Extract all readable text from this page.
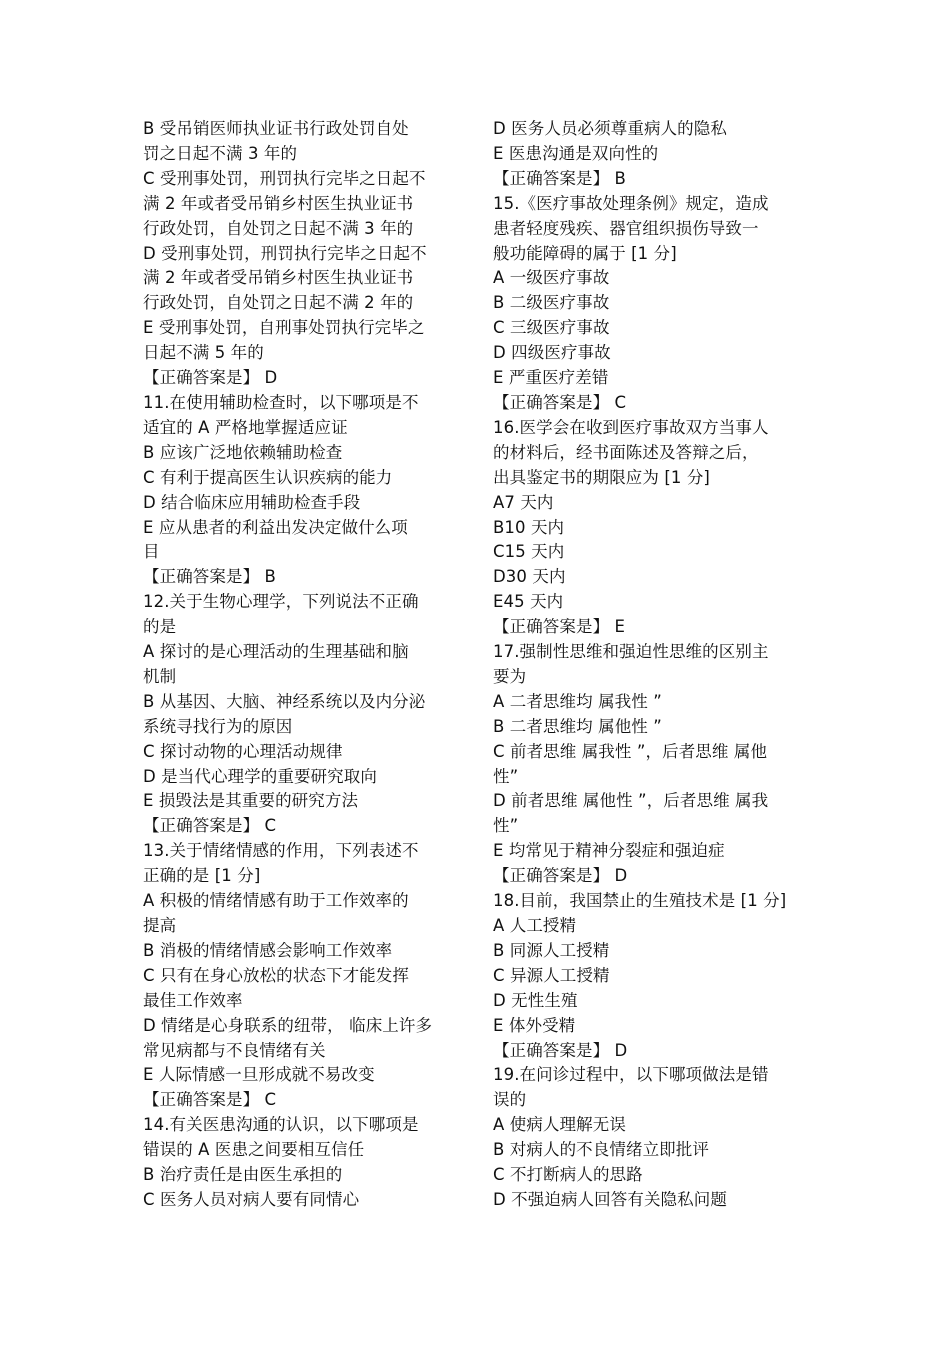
B 受吊销医师执业证书行政处罚自处
罚之日起不满 3 年的
C 受刑事处罚，刑罚执行完毕之日起不
满 2 年或者受吊销乡村医生执业证书
行政处罚，自处罚之日起不满 3 年的
D 受刑事处罚，刑罚执行完毕之日起不
满 2 年或者受吊销乡村医生执业证书
行政处罚，自处罚之日起不满 2 年的
E 受刑事处罚，自刑事处罚执行完毕之
日起不满 5 年的
【正确答案是】 D
11.在使用辅助检查时，以下哪项是不
适宜的 A 严格地掌握适应证
B 应该广泛地依赖辅助检查
C 有利于提高医生认识疾病的能力
D 结合临床应用辅助检查手段
E 应从患者的利益出发决定做什么项
目
【正确答案是】 B
12.关于生物心理学，下列说法不正确
的是
A 探讨的是心理活动的生理基础和脑
机制
B 从基因、大脑、神经系统以及内分泌
系统寻找行为的原因
C 探讨动物的心理活动规律
D 是当代心理学的重要研究取向
E 损毁法是其重要的研究方法
【正确答案是】 C
13.关于情绪情感的作用，下列表述不
正确的是 [1 分]
A 积极的情绪情感有助于工作效率的
提高
B 消极的情绪情感会影响工作效率
C 只有在身心放松的状态下才能发挥
最佳工作效率
D 情绪是心身联系的纽带， 临床上许多
常见病都与不良情绪有关
E 人际情感一旦形成就不易改变
【正确答案是】 C
14.有关医患沟通的认识，以下哪项是
错误的 A 医患之间要相互信任
B 治疗责任是由医生承担的
C 医务人员对病人要有同情心
D 医务人员必须尊重病人的隐私
E 医患沟通是双向性的
【正确答案是】 B
15.《医疗事故处理条例》规定，造成
患者轻度残疾、器官组织损伤导致一
般功能障碍的属于 [1 分]
A 一级医疗事故
B 二级医疗事故
C 三级医疗事故
D 四级医疗事故
E 严重医疗差错
【正确答案是】 C
16.医学会在收到医疗事故双方当事人
的材料后，经书面陈述及答辩之后，
出具鉴定书的期限应为 [1 分]
A7 天内
B10 天内
C15 天内
D30 天内
E45 天内
【正确答案是】 E
17.强制性思维和强迫性思维的区别主
要为
A 二者思维均 属我性 ”
B 二者思维均 属他性 ”
C 前者思维 属我性 ”，后者思维 属他
性”
D 前者思维 属他性 ”，后者思维 属我
性”
E 均常见于精神分裂症和强迫症
【正确答案是】 D
18.目前，我国禁止的生殖技术是 [1 分]
A 人工授精
B 同源人工授精
C 异源人工授精
D 无性生殖
E 体外受精
【正确答案是】 D
19.在问诊过程中，以下哪项做法是错
误的
A 使病人理解无误
B 对病人的不良情绪立即批评
C 不打断病人的思路
D 不强迫病人回答有关隐私问题
